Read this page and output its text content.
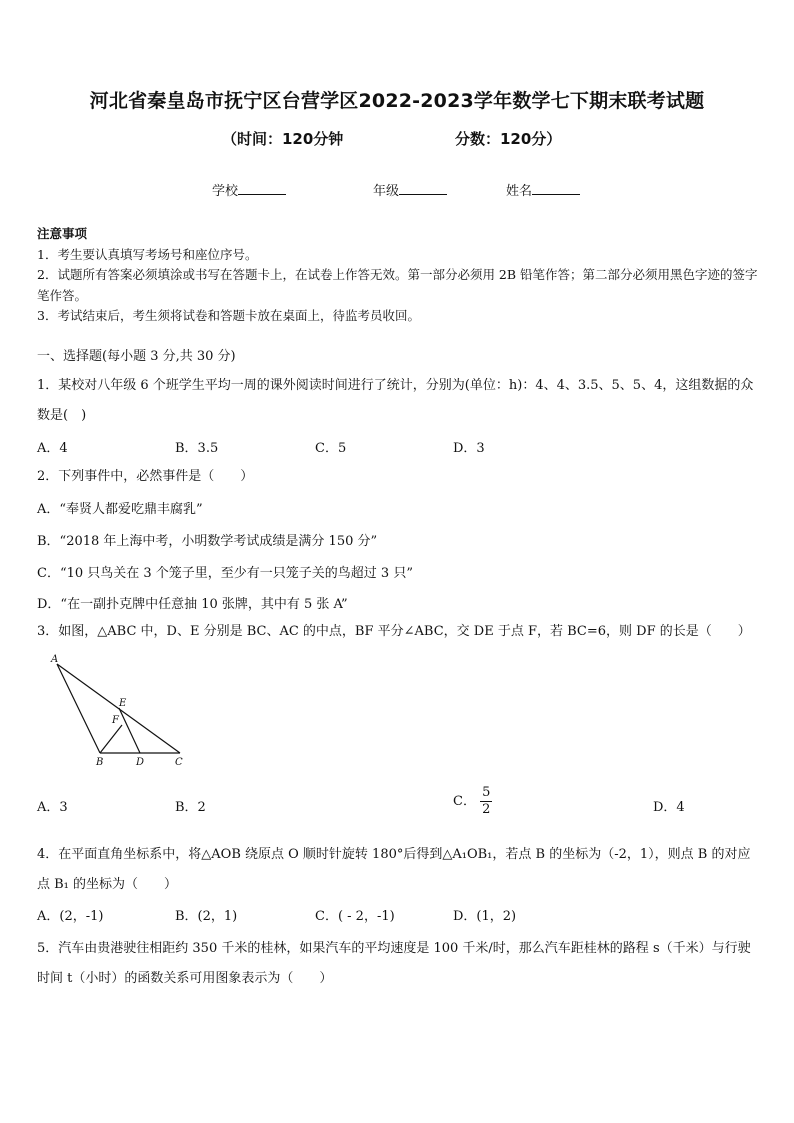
河北省秦皇岛市抚宁区台营学区2022-2023学年数学七下期末联考试题
（时间：120分钟	分数：120分）
学校	年级	姓名

注意事项

1．考生要认真填写考场号和座位序号。

2．试题所有答案必须填涂或书写在答题卡上，在试卷上作答无效。第一部分必须用 2B 铅笔作答；第二部分必须用黑色字迹的签字笔作答。

3．考试结束后，考生须将试卷和答题卡放在桌面上，待监考员收回。

一、选择题(每小题 3 分,共 30 分)
1．某校对八年级 6 个班学生平均一周的课外阅读时间进行了统计，分别为(单位：h)：4、4、3.5、5、5、4，这组数据的众数是(　)
A．4	B．3.5	C．5	D．3
2．下列事件中，必然事件是（　　）
A．“奉贤人都爱吃鼎丰腐乳”
B．“2018 年上海中考，小明数学考试成绩是满分 150 分”
C．“10 只鸟关在 3 个笼子里，至少有一只笼子关的鸟超过 3 只”
D．“在一副扑克牌中任意抽 10 张牌，其中有 5 张 A”
3．如图，△ABC 中，D、E 分别是 BC、AC 的中点，BF 平分∠ABC，交 DE 于点 F，若 BC=6，则 DF 的长是（　　）
A
E
F
B	D	C
A．3	B．2	C． $\frac{5}{2}$	D．4
4．在平面直角坐标系中，将△AOB 绕原点 O 顺时针旋转 180°后得到△A₁OB₁，若点 B 的坐标为（-2，1），则点 B 的对应点 B₁ 的坐标为（　　）
A．(2，-1)	B．(2，1)	C．( - 2，-1)	D．(1，2)
5．汽车由贵港驶往相距约 350 千米的桂林，如果汽车的平均速度是 100 千米/时，那么汽车距桂林的路程 s（千米）与行驶时间 t（小时）的函数关系可用图象表示为（　　）
